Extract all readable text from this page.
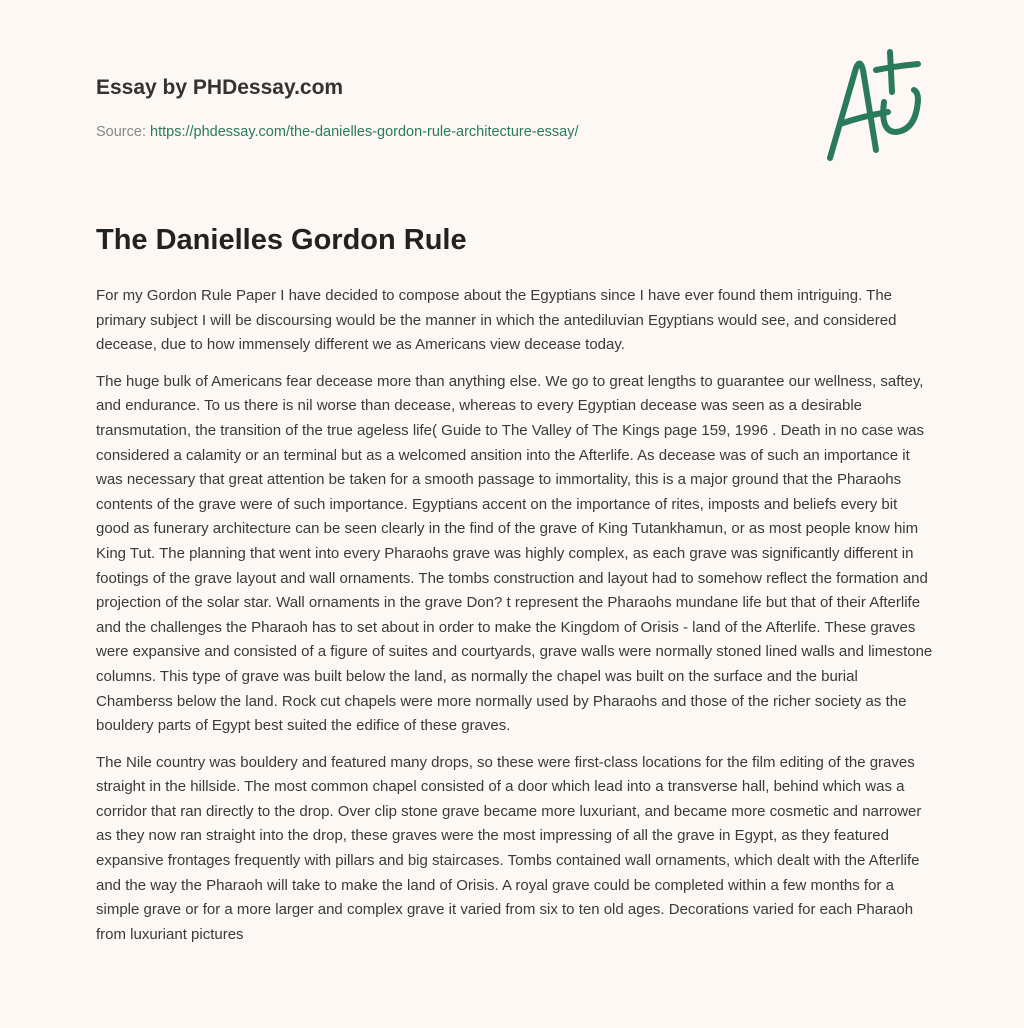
Essay by PHDessay.com

Source: https://phdessay.com/the-danielles-gordon-rule-architecture-essay/
The Danielles Gordon Rule

For my Gordon Rule Paper I have decided to compose about the Egyptians since I have ever found them intriguing. The primary subject I will be discoursing would be the manner in which the antediluvian Egyptians would see, and considered decease, due to how immensely different we as Americans view decease today.

The huge bulk of Americans fear decease more than anything else. We go to great lengths to guarantee our wellness, saftey, and endurance. To us there is nil worse than decease, whereas to every Egyptian decease was seen as a desirable transmutation, the transition of the true ageless life( Guide to The Valley of The Kings page 159, 1996 . Death in no case was considered a calamity or an terminal but as a welcomed ansition into the Afterlife. As decease was of such an importance it was necessary that great attention be taken for a smooth passage to immortality, this is a major ground that the Pharaohs contents of the grave were of such importance. Egyptians accent on the importance of rites, imposts and beliefs every bit good as funerary architecture can be seen clearly in the find of the grave of King Tutankhamun, or as most people know him King Tut. The planning that went into every Pharaohs grave was highly complex, as each grave was significantly different in footings of the grave layout and wall ornaments. The tombs construction and layout had to somehow reflect the formation and projection of the solar star. Wall ornaments in the grave Don? t represent the Pharaohs mundane life but that of their Afterlife and the challenges the Pharaoh has to set about in order to make the Kingdom of Orisis - land of the Afterlife. These graves were expansive and consisted of a figure of suites and courtyards, grave walls were normally stoned lined walls and limestone columns. This type of grave was built below the land, as normally the chapel was built on the surface and the burial Chamberss below the land. Rock cut chapels were more normally used by Pharaohs and those of the richer society as the bouldery parts of Egypt best suited the edifice of these graves.

The Nile country was bouldery and featured many drops, so these were first-class locations for the film editing of the graves straight in the hillside. The most common chapel consisted of a door which lead into a transverse hall, behind which was a corridor that ran directly to the drop. Over clip stone grave became more luxuriant, and became more cosmetic and narrower as they now ran straight into the drop, these graves were the most impressing of all the grave in Egypt, as they featured expansive frontages frequently with pillars and big staircases. Tombs contained wall ornaments, which dealt with the Afterlife and the way the Pharaoh will take to make the land of Orisis. A royal grave could be completed within a few months for a simple grave or for a more larger and complex grave it varied from six to ten old ages. Decorations varied for each Pharaoh from luxuriant pictures
